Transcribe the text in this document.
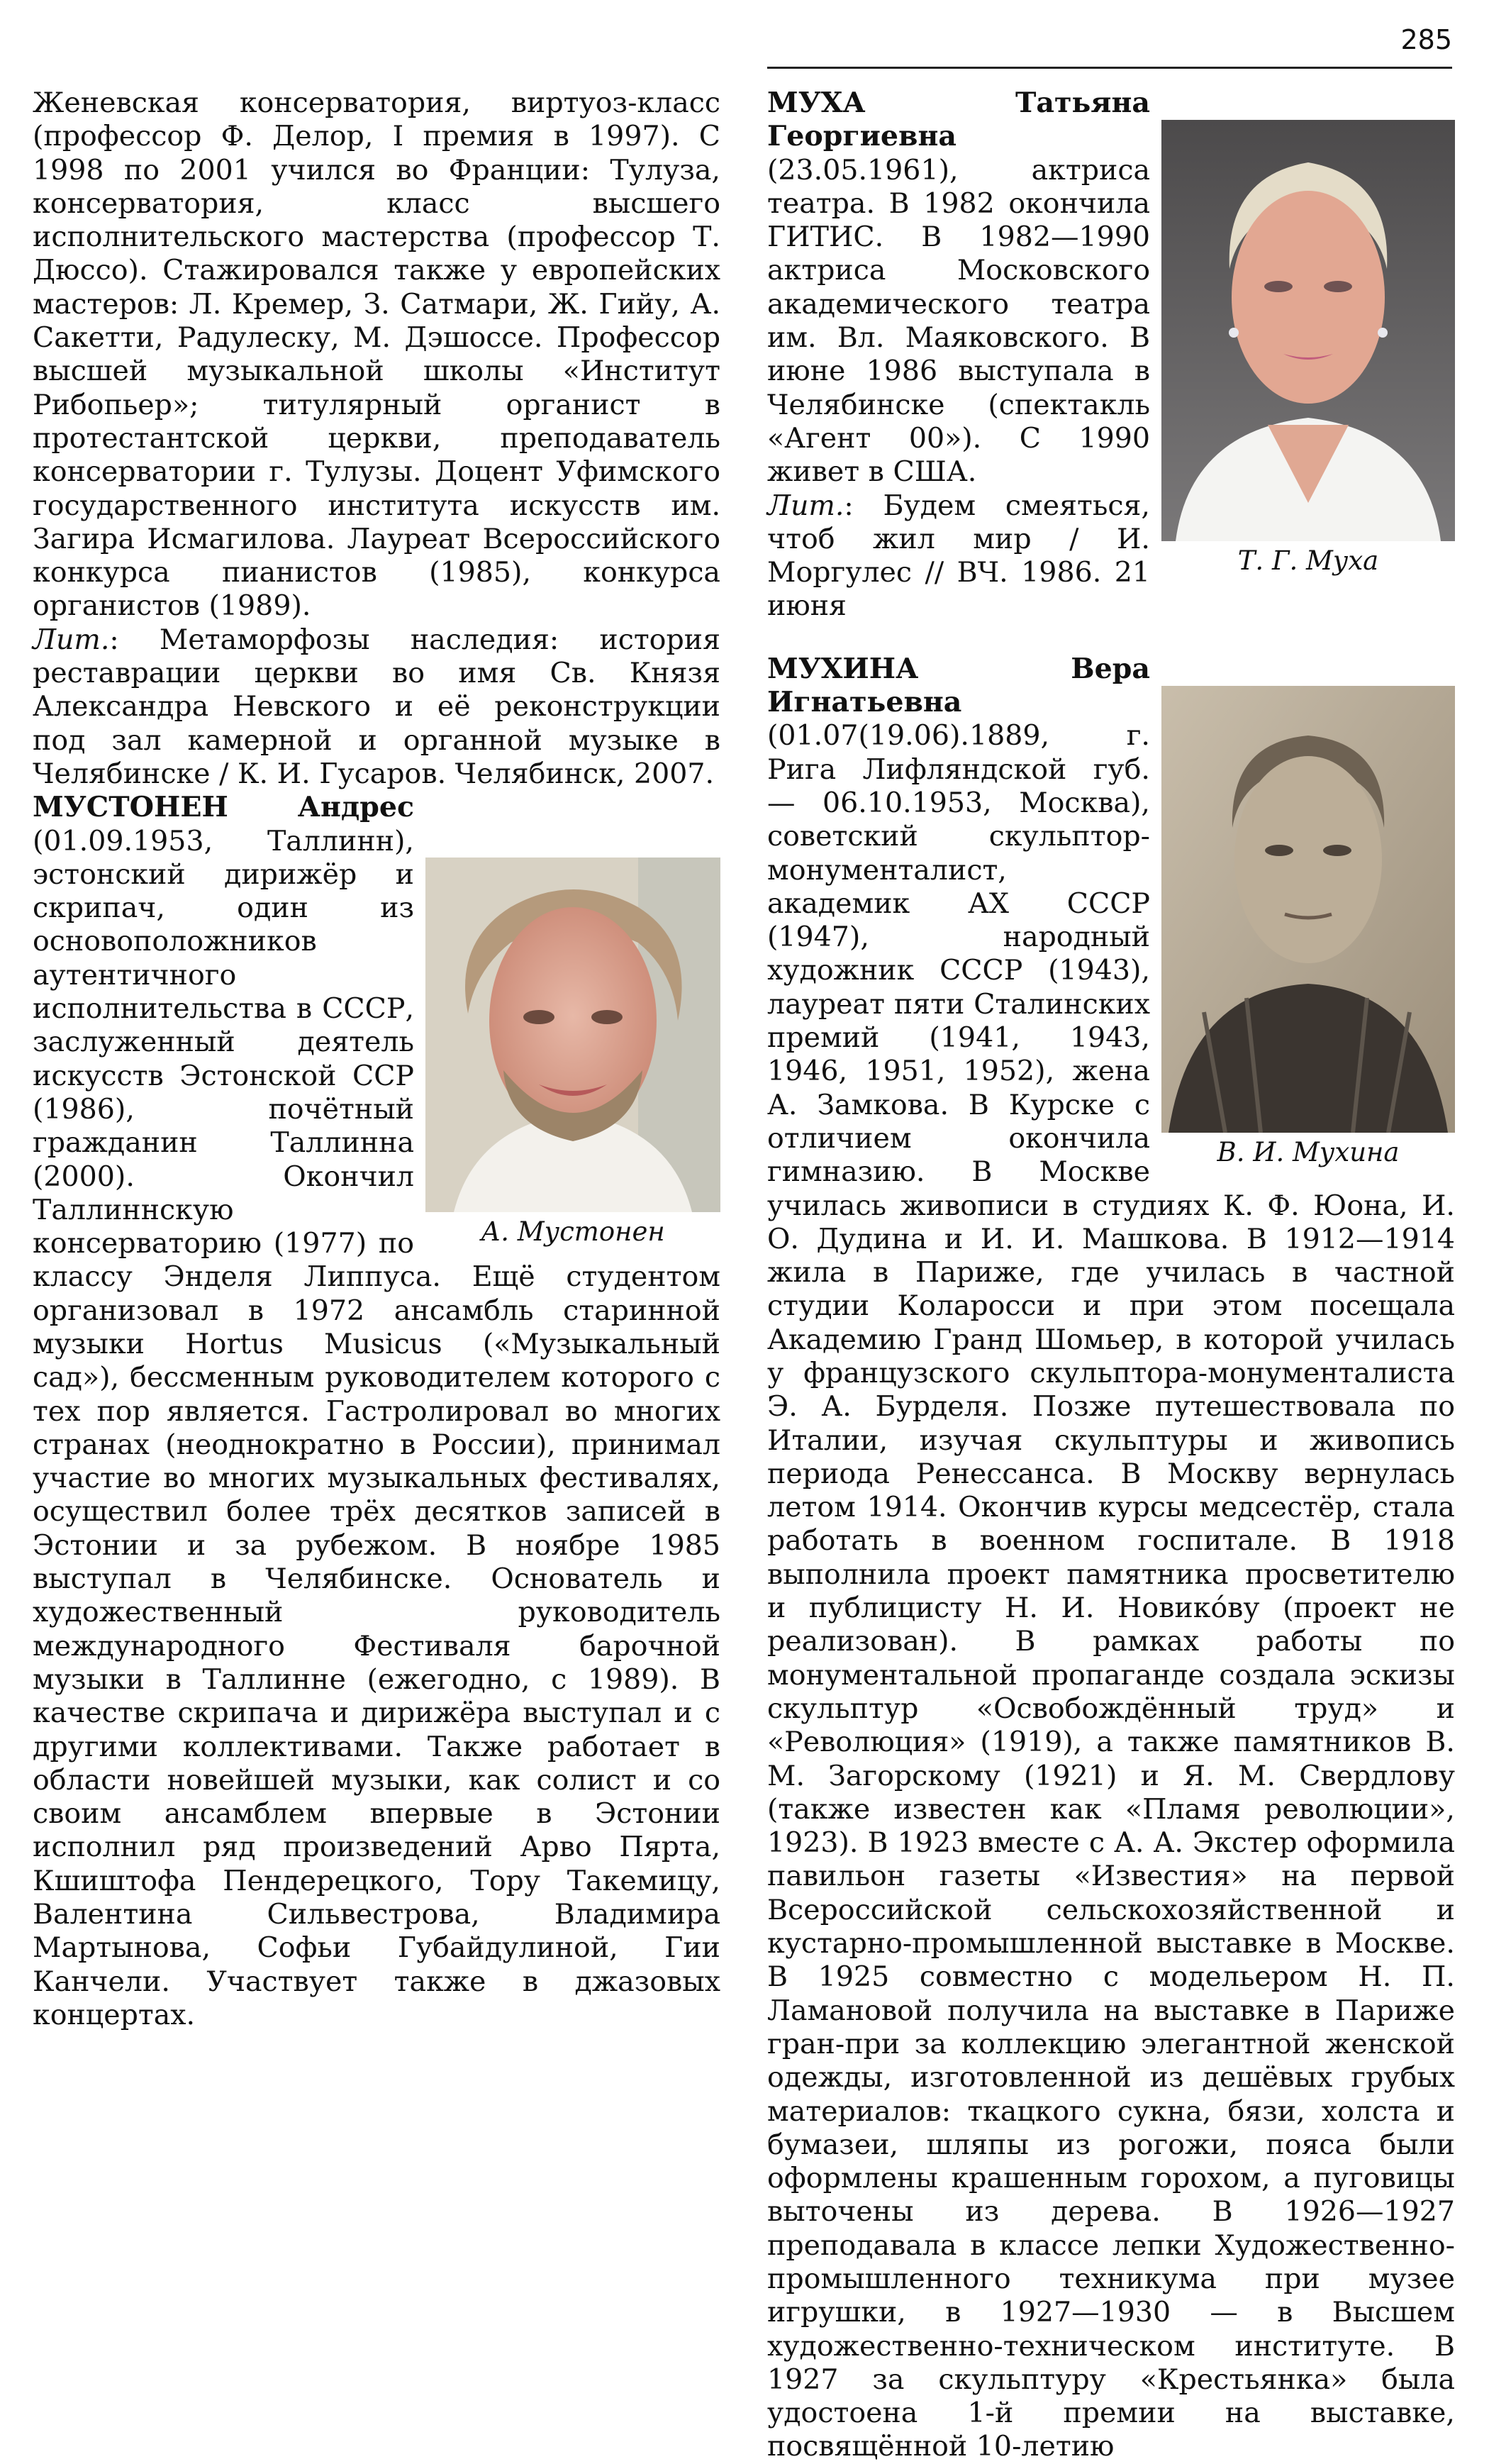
285

Женевская консерватория, виртуоз-класс (профессор Ф. Делор, I премия в 1997). С 1998 по 2001 учился во Франции: Тулуза, консерватория, класс высшего исполнительского мастерства (профессор Т. Дюссо). Стажировался также у европейских мастеров: Л. Кремер, З. Сатмари, Ж. Гийу, А. Сакетти, Радулеску, М. Дэшоссе. Профессор высшей музыкальной школы «Институт Рибопьер»; титулярный органист в протестантской церкви, преподаватель консерватории г. Тулузы. Доцент Уфимского государственного института искусств им. Загира Исмагилова. Лауреат Всероссийского конкурса пианистов (1985), конкурса органистов (1989).
Лит.: Метаморфозы наследия: история реставрации церкви во имя Св. Князя Александра Невского и её реконструкции под зал камерной и органной музыке в Челябинске / К. И. Гусаров. Челябинск, 2007.

А. Мустонен
МУСТОНЕН Андрес (01.09.1953, Таллинн), эстонский дирижёр и скрипач, один из основоположников аутентичного исполнительства в СССР, заслуженный деятель искусств Эстонской ССР (1986), почётный гражданин Таллинна (2000). Окончил Таллиннскую консерваторию (1977) по классу Энделя Липпуса. Ещё студентом организовал в 1972 ансамбль старинной музыки Hortus Musicus («Музыкальный сад»), бессменным руководителем которого с тех пор является. Гастролировал во многих странах (неоднократно в России), принимал участие во многих музыкальных фестивалях, осуществил более трёх десятков записей в Эстонии и за рубежом. В ноябре 1985 выступал в Челябинске. Основатель и художественный руководитель международного Фестиваля барочной музыки в Таллинне (ежегодно, с 1989). В качестве скрипача и дирижёра выступал и с другими коллективами. Также работает в области новейшей музыки, как солист и со своим ансамблем впервые в Эстонии исполнил ряд произведений Арво Пярта, Кшиштофа Пендерецкого, Тору Такемицу, Валентина Сильвестрова, Владимира Мартынова, Софьи Губайдулиной, Гии Канчели. Участвует также в джазовых концертах.

Т. Г. Муха
МУХА Татьяна Георгиевна (23.05.1961), актриса театра. В 1982 окончила ГИТИС. В 1982—1990 актриса Московского академического театра им. Вл. Маяковского. В июне 1986 выступала в Челябинске (спектакль «Агент 00»). С 1990 живет в США.
Лит.: Будем смеяться, чтоб жил мир / И. Моргулес // ВЧ. 1986. 21 июня

В. И. Мухина
МУХИНА Вера Игнатьевна (01.07(19.06).1889, г. Рига Лифляндской губ. — 06.10.1953, Москва), советский скульптор-монументалист, академик АХ СССР (1947), народный художник СССР (1943), лауреат пяти Сталинских премий (1941, 1943, 1946, 1951, 1952), жена А. Замкова. В Курске с отличием окончила гимназию. В Москве училась живописи в студиях К. Ф. Юона, И. О. Дудина и И. И. Машкова. В 1912—1914 жила в Париже, где училась в частной студии Коларосси и при этом посещала Академию Гранд Шомьер, в которой училась у французского скульптора-монументалиста Э. А. Бурделя. Позже путешествовала по Италии, изучая скульптуры и живопись периода Ренессанса. В Москву вернулась летом 1914. Окончив курсы медсестёр, стала работать в военном госпитале. В 1918 выполнила проект памятника просветителю и публицисту Н. И. Новикóву (проект не реализован). В рамках работы по монументальной пропаганде создала эскизы скульптур «Освобождённый труд» и «Революция» (1919), а также памятников В. М. Загорскому (1921) и Я. М. Свердлову (также известен как «Пламя революции», 1923). В 1923 вместе с А. А. Экстер оформила павильон газеты «Известия» на первой Всероссийской сельскохозяйственной и кустарно-промышленной выставке в Москве. В 1925 совместно с модельером Н. П. Ламановой получила на выставке в Париже гран-при за коллекцию элегантной женской одежды, изготовленной из дешёвых грубых материалов: ткацкого сукна, бязи, холста и бумазеи, шляпы из рогожи, пояса были оформлены крашенным горохом, а пуговицы выточены из дерева. В 1926—1927 преподавала в классе лепки Художественно-промышленного техникума при музее игрушки, в 1927—1930 — в Высшем художественно-техническом институте. В 1927 за скульптуру «Крестьянка» была удостоена 1-й премии на выставке, посвящённой 10-летию
